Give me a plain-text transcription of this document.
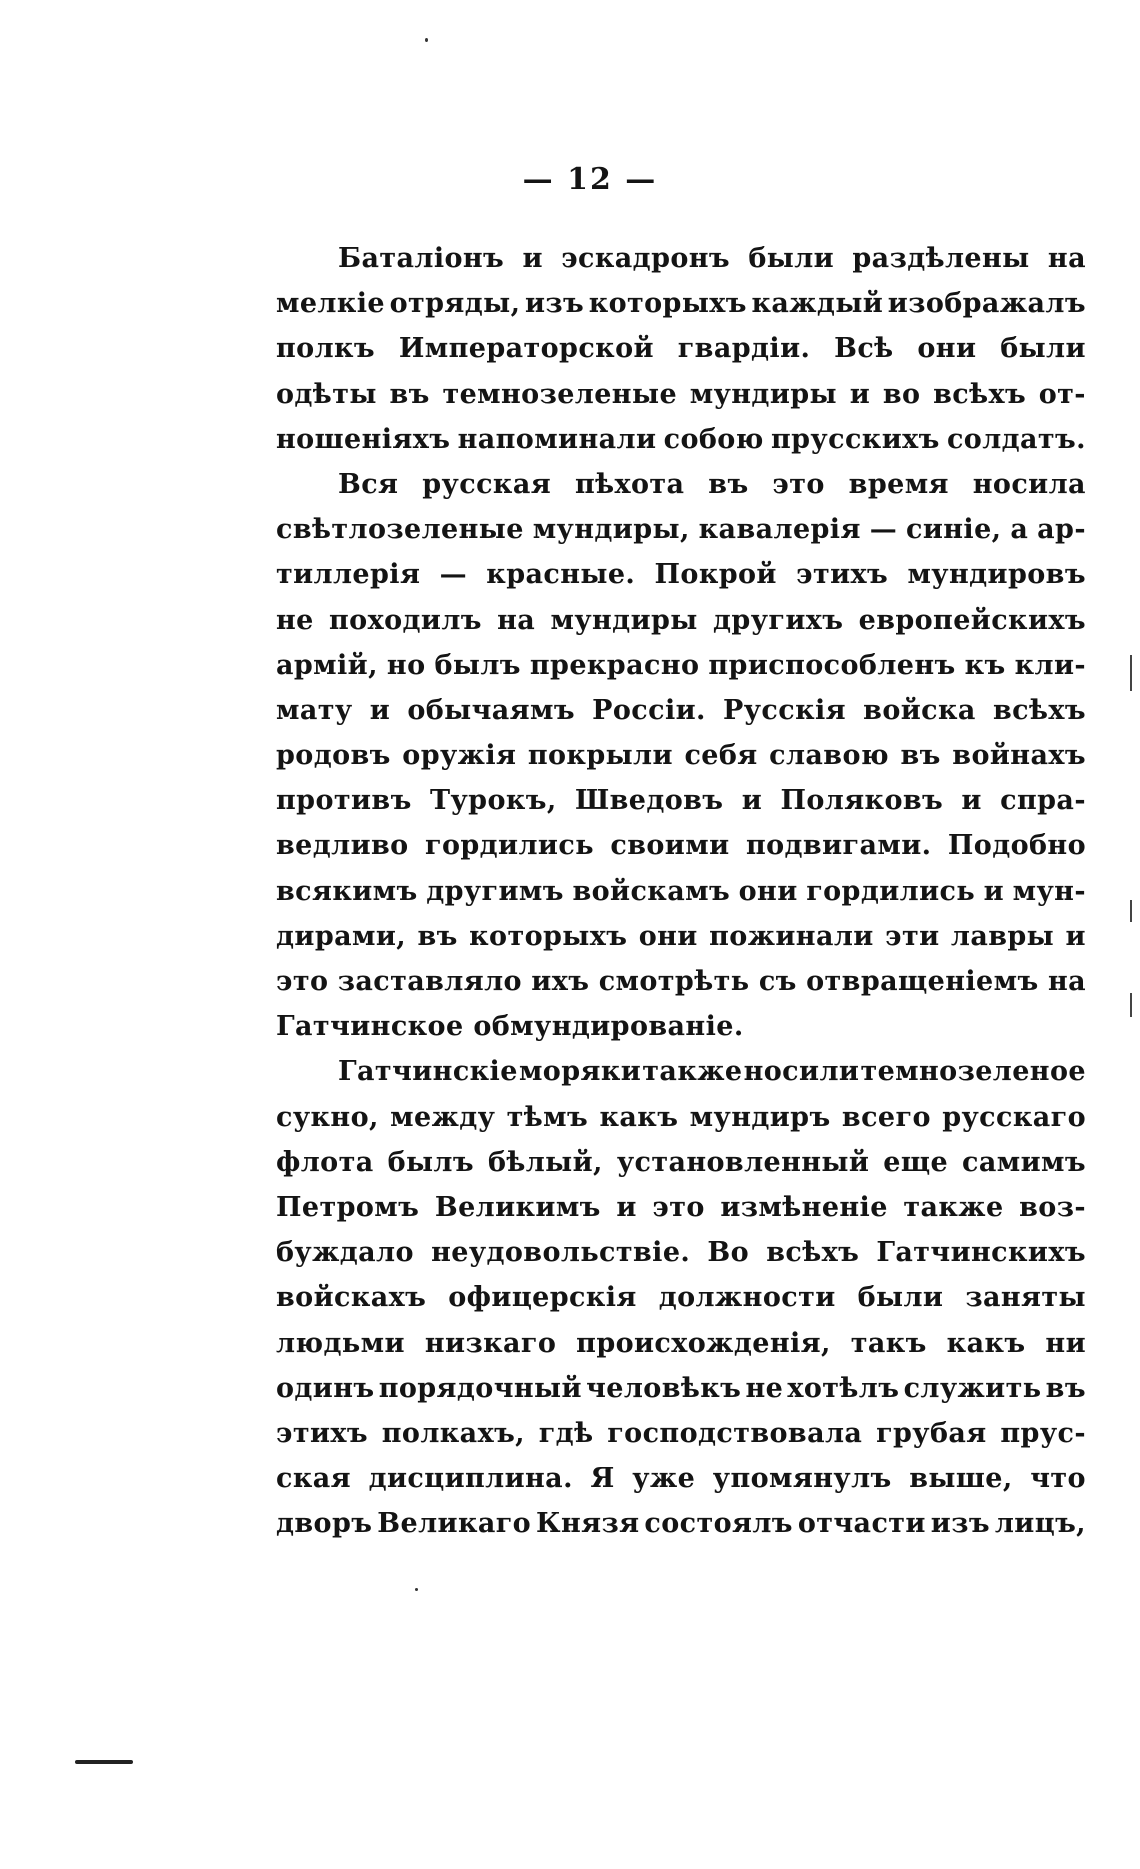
— 12 —
Баталіонъ и эскадронъ были раздѣлены на
мелкіе отряды, изъ которыхъ каждый изображалъ
полкъ Императорской гвардіи. Всѣ они были
одѣты въ темнозеленые мундиры и во всѣхъ от-
ношеніяхъ напоминали собою прусскихъ солдатъ.
Вся русская пѣхота въ это время носила
свѣтлозеленые мундиры, кавалерія — синіе, а ар-
тиллерія — красные. Покрой этихъ мундировъ
не походилъ на мундиры другихъ европейскихъ
армій, но былъ прекрасно приспособленъ къ кли-
мату и обычаямъ Россіи. Русскія войска всѣхъ
родовъ оружія покрыли себя славою въ войнахъ
противъ Турокъ, Шведовъ и Поляковъ и спра-
ведливо гордились своими подвигами. Подобно
всякимъ другимъ войскамъ они гордились и мун-
дирами, въ которыхъ они пожинали эти лавры и
это заставляло ихъ смотрѣть съ отвращеніемъ на
Гатчинское обмундированіе.
Гатчинскіе моряки также носили темнозеленое
сукно, между тѣмъ какъ мундиръ всего русскаго
флота былъ бѣлый, установленный еще самимъ
Петромъ Великимъ и это измѣненіе также воз-
буждало неудовольствіе. Во всѣхъ Гатчинскихъ
войскахъ офицерскія должности были заняты
людьми низкаго происхожденія, такъ какъ ни
одинъ порядочный человѣкъ не хотѣлъ служить въ
этихъ полкахъ, гдѣ господствовала грубая прус-
ская дисциплина. Я уже упомянулъ выше, что
дворъ Великаго Князя состоялъ отчасти изъ лицъ,
